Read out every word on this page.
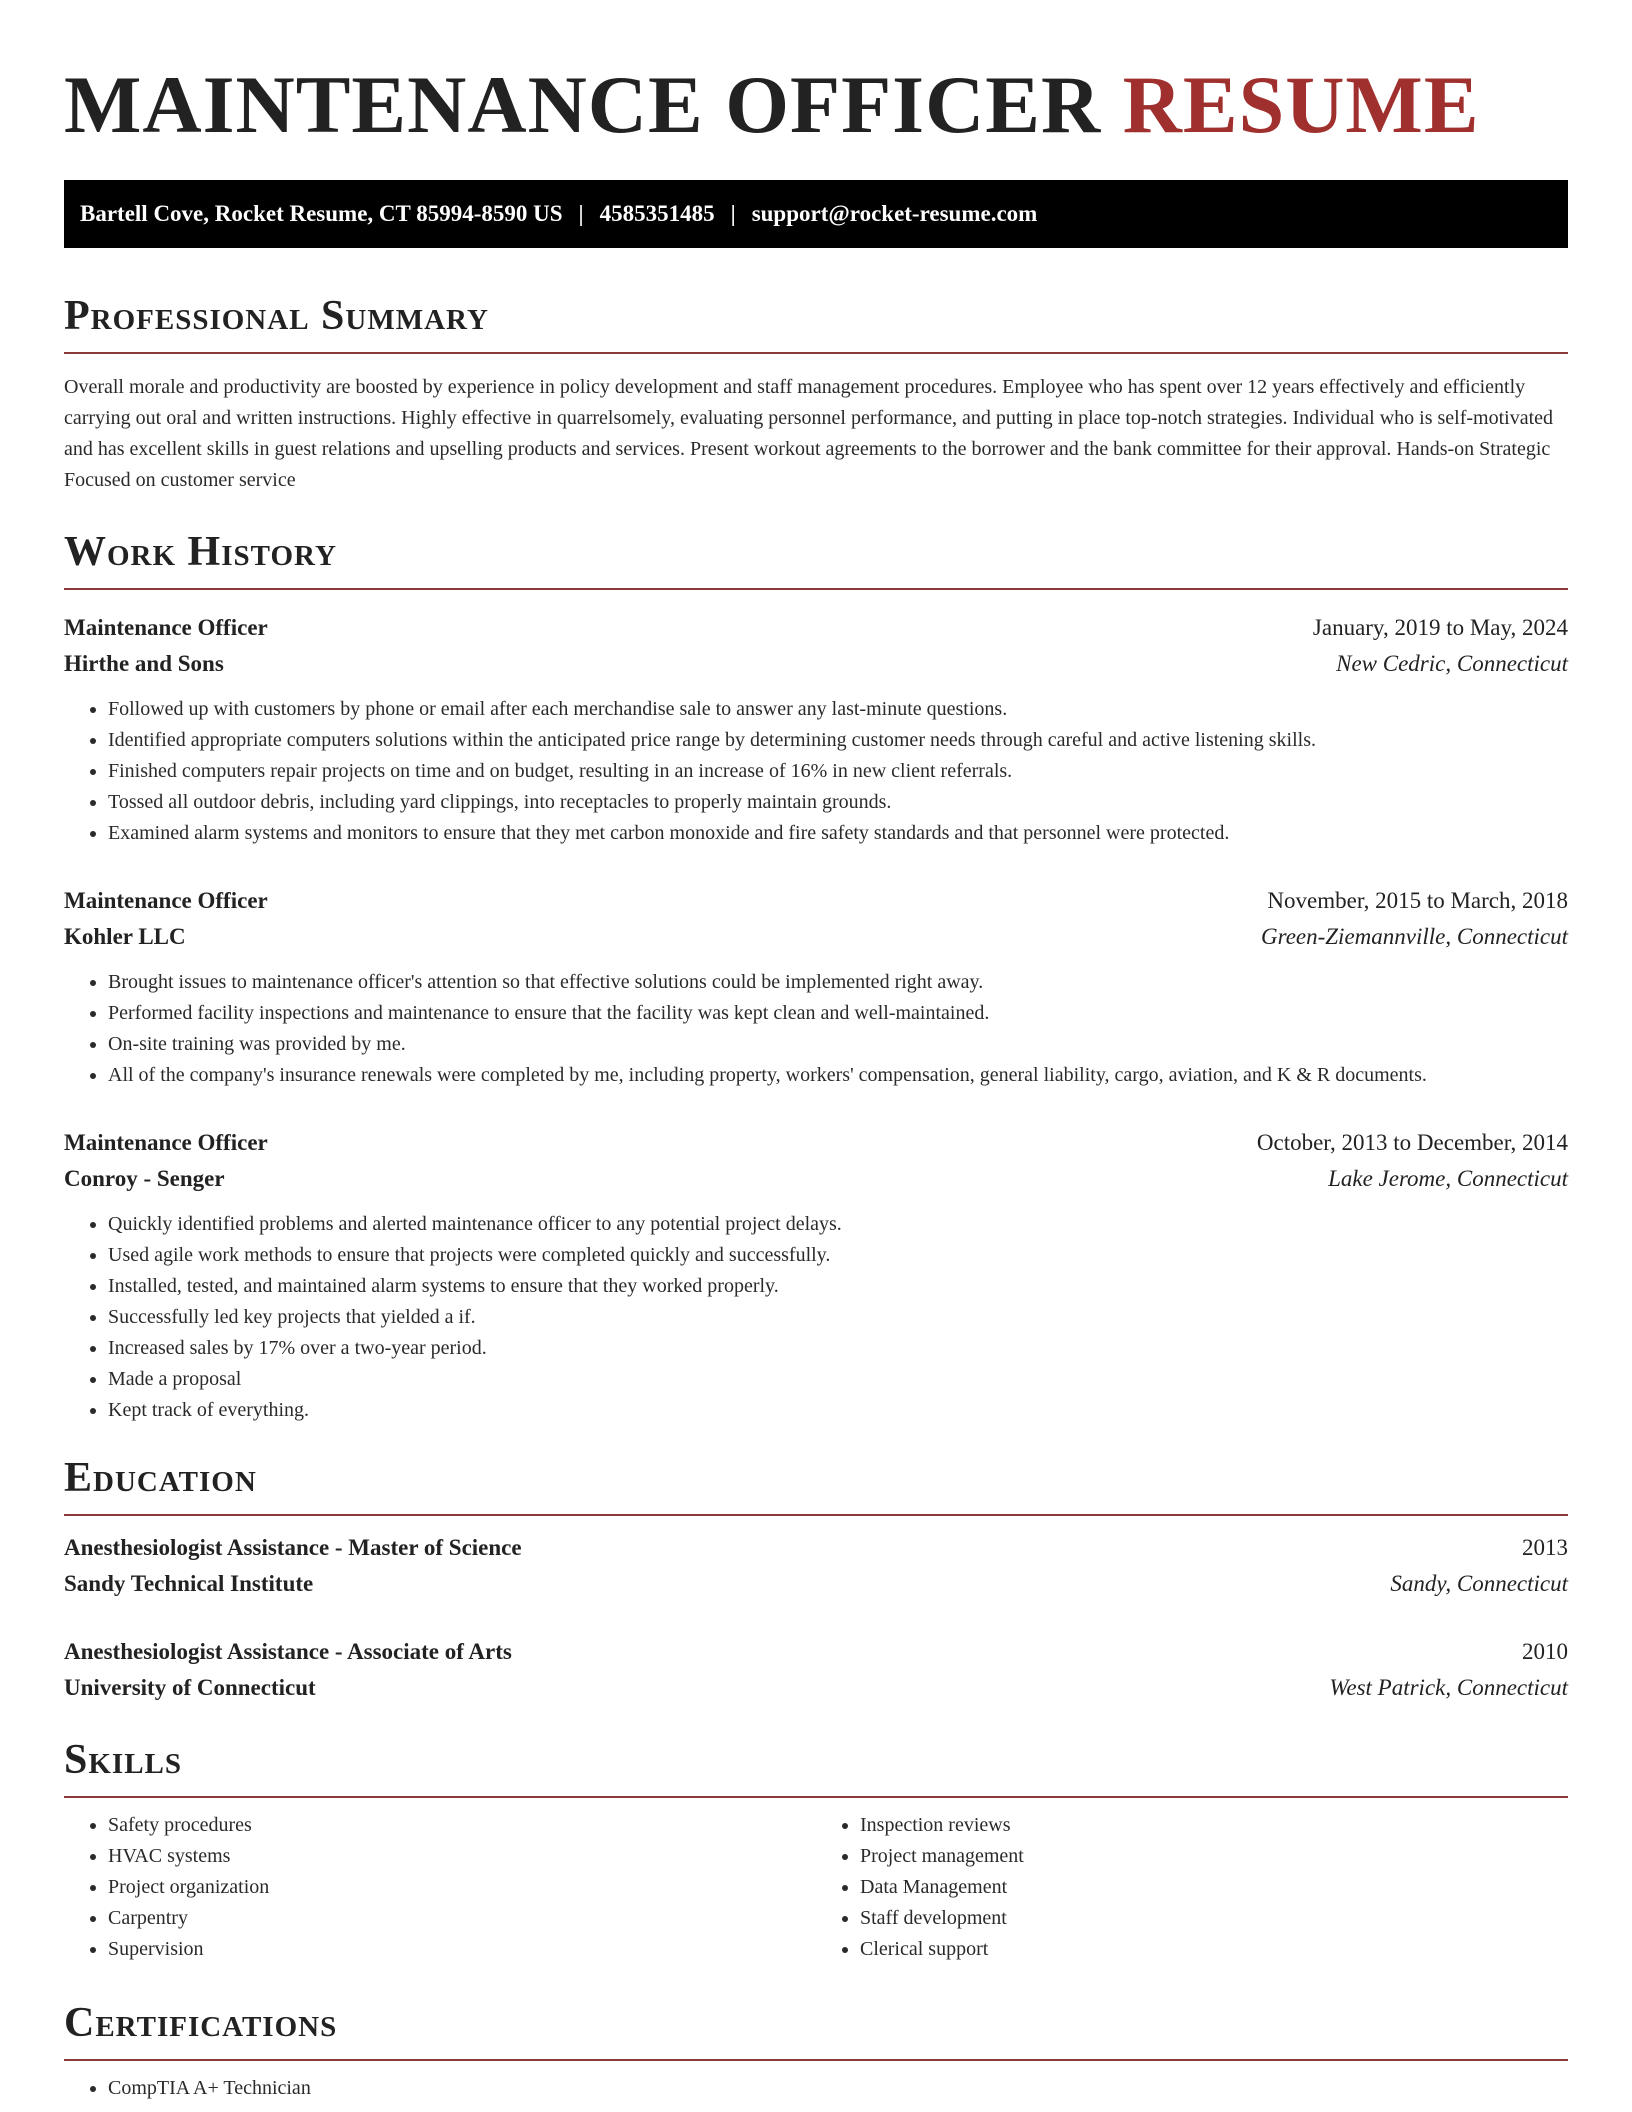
MAINTENANCE OFFICER RESUME
Bartell Cove, Rocket Resume, CT 85994-8590 US | 4585351485 | support@rocket-resume.com
Professional Summary

Overall morale and productivity are boosted by experience in policy development and staff management procedures. Employee who has spent over 12 years effectively and efficiently carrying out oral and written instructions. Highly effective in quarrelsomely, evaluating personnel performance, and putting in place top-notch strategies. Individual who is self-motivated and has excellent skills in guest relations and upselling products and services. Present workout agreements to the borrower and the bank committee for their approval. Hands-on Strategic Focused on customer service

Work History
Maintenance Officer	January, 2019 to May, 2024
Hirthe and Sons	New Cedric, Connecticut
• Followed up with customers by phone or email after each merchandise sale to answer any last-minute questions.
• Identified appropriate computers solutions within the anticipated price range by determining customer needs through careful and active listening skills.
• Finished computers repair projects on time and on budget, resulting in an increase of 16% in new client referrals.
• Tossed all outdoor debris, including yard clippings, into receptacles to properly maintain grounds.
• Examined alarm systems and monitors to ensure that they met carbon monoxide and fire safety standards and that personnel were protected.
Maintenance Officer	November, 2015 to March, 2018
Kohler LLC	Green-Ziemannville, Connecticut
• Brought issues to maintenance officer's attention so that effective solutions could be implemented right away.
• Performed facility inspections and maintenance to ensure that the facility was kept clean and well-maintained.
• On-site training was provided by me.
• All of the company's insurance renewals were completed by me, including property, workers' compensation, general liability, cargo, aviation, and K & R documents.
Maintenance Officer	October, 2013 to December, 2014
Conroy - Senger	Lake Jerome, Connecticut
• Quickly identified problems and alerted maintenance officer to any potential project delays.
• Used agile work methods to ensure that projects were completed quickly and successfully.
• Installed, tested, and maintained alarm systems to ensure that they worked properly.
• Successfully led key projects that yielded a if.
• Increased sales by 17% over a two-year period.
• Made a proposal
• Kept track of everything.
Education
Anesthesiologist Assistance - Master of Science	2013
Sandy Technical Institute	Sandy, Connecticut
Anesthesiologist Assistance - Associate of Arts	2010
University of Connecticut	West Patrick, Connecticut
Skills
• Safety procedures
• HVAC systems
• Project organization
• Carpentry
• Supervision
• Inspection reviews
• Project management
• Data Management
• Staff development
• Clerical support
Certifications
• CompTIA A+ Technician
